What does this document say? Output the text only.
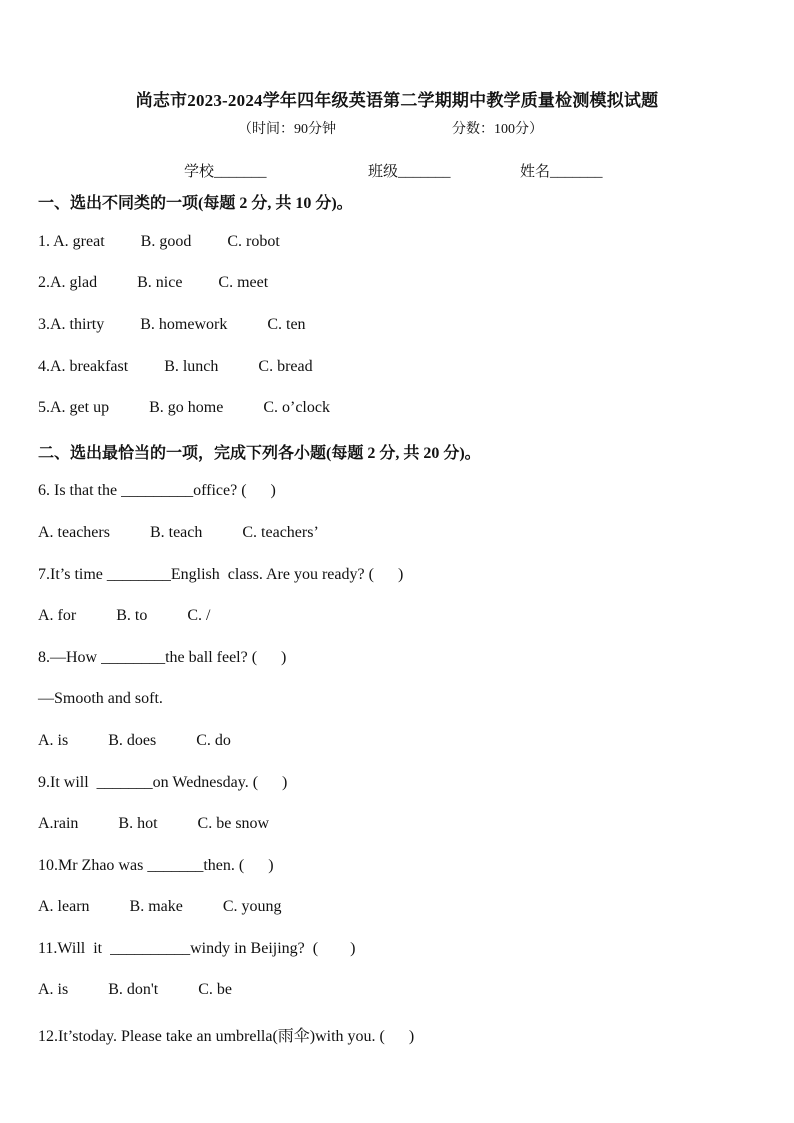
尚志市2023-2024学年四年级英语第二学期期中教学质量检测模拟试题
（时间：90分钟	分数：100分）
学校_______	班级_______	姓名_______
一、选出不同类的一项(每题 2 分, 共 10 分)。
1. A. great         B. good         C. robot
2.A. glad          B. nice         C. meet
3.A. thirty         B. homework          C. ten
4.A. breakfast         B. lunch          C. bread
5.A. get up          B. go home          C. o’clock
二、选出最恰当的一项，完成下列各小题(每题 2 分, 共 20 分)。
6. Is that the _________office? (      )
A. teachers          B. teach          C. teachers’
7.It’s time ________English  class. Are you ready? (      )
A. for          B. to          C. /
8.—How ________the ball feel? (      )
—Smooth and soft.
A. is          B. does          C. do
9.It will  _______on Wednesday. (      )
A.rain          B. hot          C. be snow
10.Mr Zhao was _______then. (      )
A. learn          B. make          C. young
11.Will  it  __________windy in Beijing?  (        )
A. is          B. don't          C. be
12.It’stoday. Please take an umbrella(雨伞)with you. (      )
